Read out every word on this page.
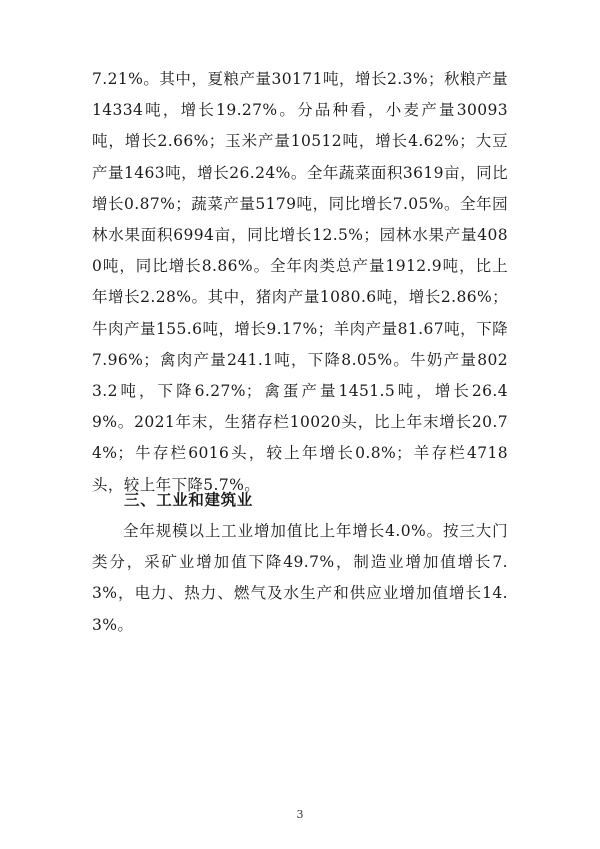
7.21%。其中，夏粮产量30171吨，增长2.3%；秋粮产量14334吨，增长19.27%。分品种看，小麦产量30093吨，增长2.66%；玉米产量10512吨，增长4.62%；大豆产量1463吨，增长26.24%。全年蔬菜面积3619亩，同比增长0.87%；蔬菜产量5179吨，同比增长7.05%。全年园林水果面积6994亩，同比增长12.5%；园林水果产量4080吨，同比增长8.86%。全年肉类总产量1912.9吨，比上年增长2.28%。其中，猪肉产量1080.6吨，增长2.86%；牛肉产量155.6吨，增长9.17%；羊肉产量81.67吨，下降7.96%；禽肉产量241.1吨，下降8.05%。牛奶产量8023.2吨，下降6.27%；禽蛋产量1451.5吨，增长26.49%。2021年末，生猪存栏10020头，比上年末增长20.74%；牛存栏6016头，较上年增长0.8%；羊存栏4718头，较上年下降5.7%。

三、工业和建筑业

全年规模以上工业增加值比上年增长4.0%。按三大门类分，采矿业增加值下降49.7%，制造业增加值增长7.3%，电力、热力、燃气及水生产和供应业增加值增长14.3%。

3
